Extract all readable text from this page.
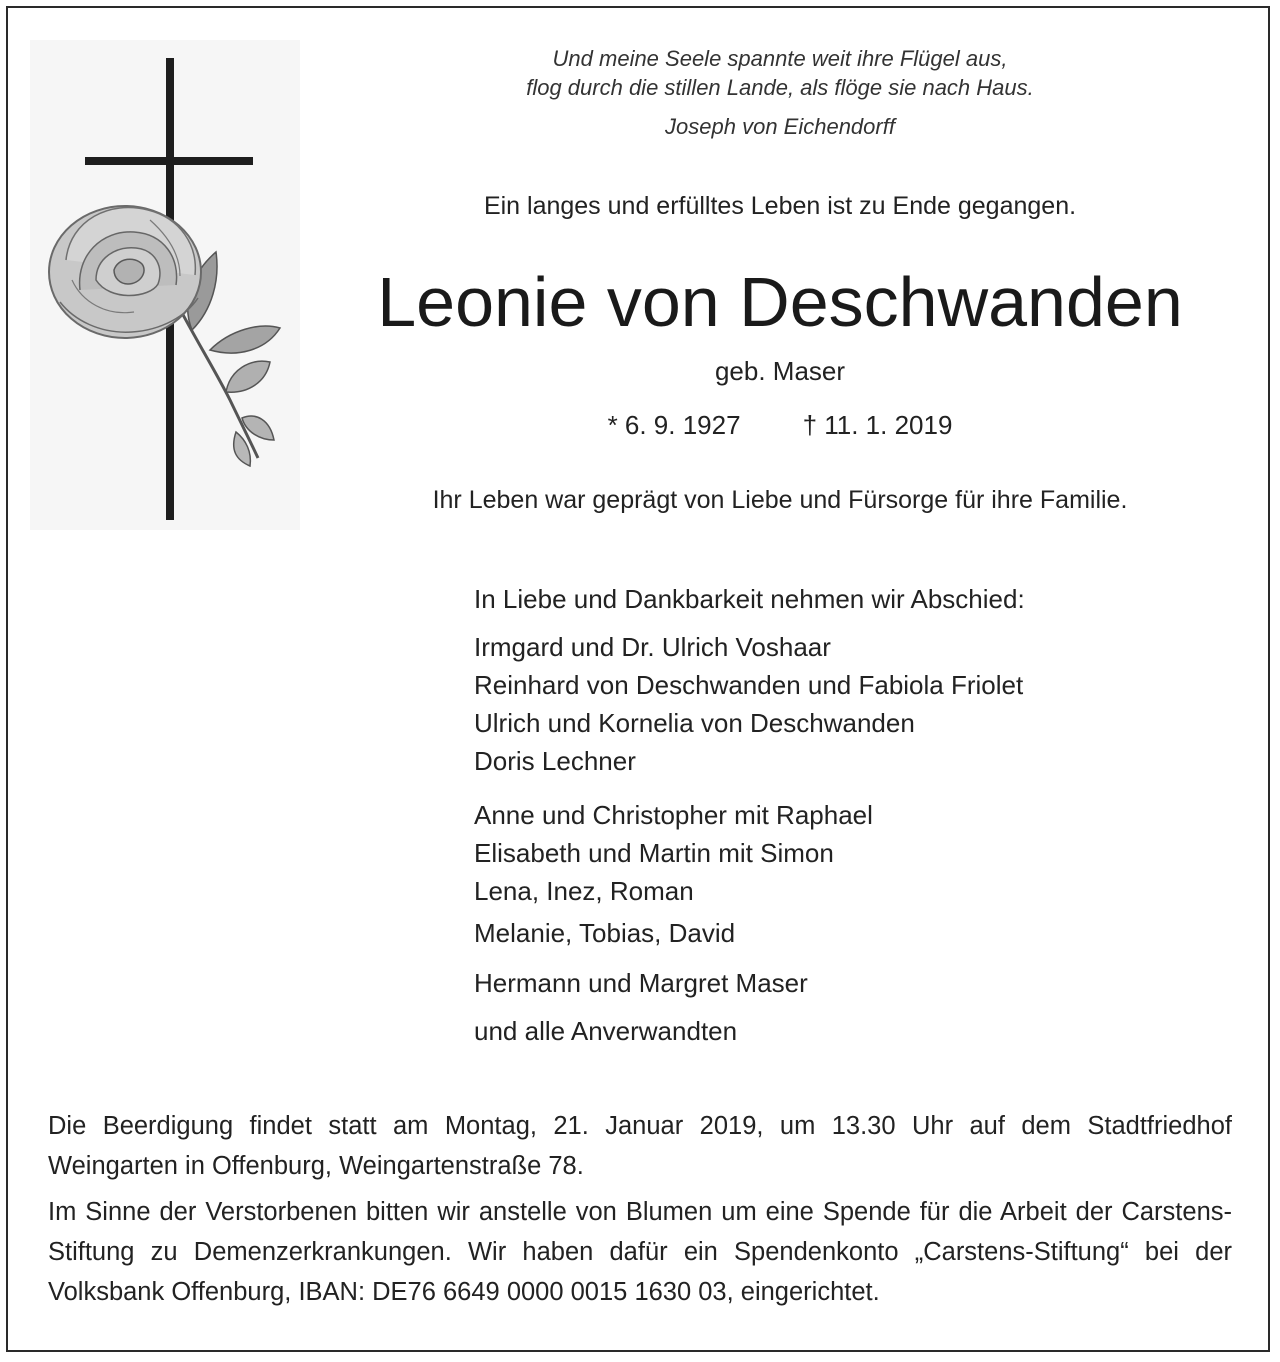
Und meine Seele spannte weit ihre Flügel aus,
flog durch die stillen Lande, als flöge sie nach Haus.
Joseph von Eichendorff
Ein langes und erfülltes Leben ist zu Ende gegangen.
Leonie von Deschwanden
geb. Maser
* 6. 9. 1927 † 11. 1. 2019
Ihr Leben war geprägt von Liebe und Fürsorge für ihre Familie.
In Liebe und Dankbarkeit nehmen wir Abschied:
Irmgard und Dr. Ulrich Voshaar
Reinhard von Deschwanden und Fabiola Friolet
Ulrich und Kornelia von Deschwanden
Doris Lechner
Anne und Christopher mit Raphael
Elisabeth und Martin mit Simon
Lena, Inez, Roman
Melanie, Tobias, David
Hermann und Margret Maser
und alle Anverwandten
Die Beerdigung findet statt am Montag, 21. Januar 2019, um 13.30 Uhr auf dem Stadtfriedhof Weingarten in Offenburg, Weingartenstraße 78.
Im Sinne der Verstorbenen bitten wir anstelle von Blumen um eine Spende für die Arbeit der Carstens-Stiftung zu Demenzerkrankungen. Wir haben dafür ein Spendenkonto „Carstens-Stiftung“ bei der Volksbank Offenburg, IBAN: DE76 6649 0000 0015 1630 03, eingerichtet.
